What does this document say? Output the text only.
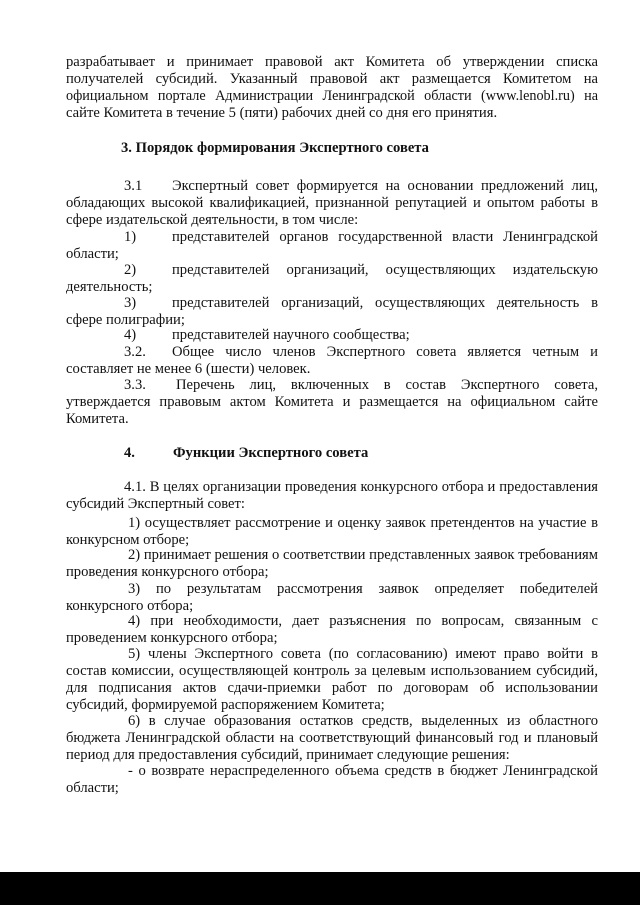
разрабатывает и принимает правовой акт Комитета об утверждении списка
получателей субсидий. Указанный правовой акт размещается Комитетом на
официальном портале Администрации Ленинградской области (www.lenobl.ru) на
сайте Комитета в течение 5 (пяти) рабочих дней со дня его принятия.
3. Порядок формирования Экспертного совета
3.1	Экспертный совет формируется на основании предложений лиц, обладающих высокой квалификацией, признанной репутацией и опытом работы в сфере издательской деятельности, в том числе:
1)	представителей органов государственной власти Ленинградской области;
2)	представителей организаций, осуществляющих издательскую деятельность;
3)	представителей организаций, осуществляющих деятельность в сфере полиграфии;
4)	представителей научного сообщества;
3.2.	Общее число членов Экспертного совета является четным и составляет не менее 6 (шести) человек.
3.3.	Перечень лиц, включенных в состав Экспертного совета, утверждается правовым актом Комитета и размещается на официальном сайте Комитета.
4.	Функции Экспертного совета
4.1. В целях организации проведения конкурсного отбора и предоставления субсидий Экспертный совет:
1) осуществляет рассмотрение и оценку заявок претендентов на участие в конкурсном отборе;
2) принимает решения о соответствии представленных заявок требованиям проведения конкурсного отбора;
3) по результатам рассмотрения заявок определяет победителей конкурсного отбора;
4) при необходимости, дает разъяснения по вопросам, связанным с проведением конкурсного отбора;
5) члены Экспертного совета (по согласованию) имеют право войти в состав комиссии, осуществляющей контроль за целевым использованием субсидий, для подписания актов сдачи-приемки работ по договорам об использовании субсидий, формируемой распоряжением Комитета;
6) в случае образования остатков средств, выделенных из областного бюджета Ленинградской области на соответствующий финансовый год и плановый период для предоставления субсидий, принимает следующие решения:
- о возврате нераспределенного объема средств в бюджет Ленинградской области;
